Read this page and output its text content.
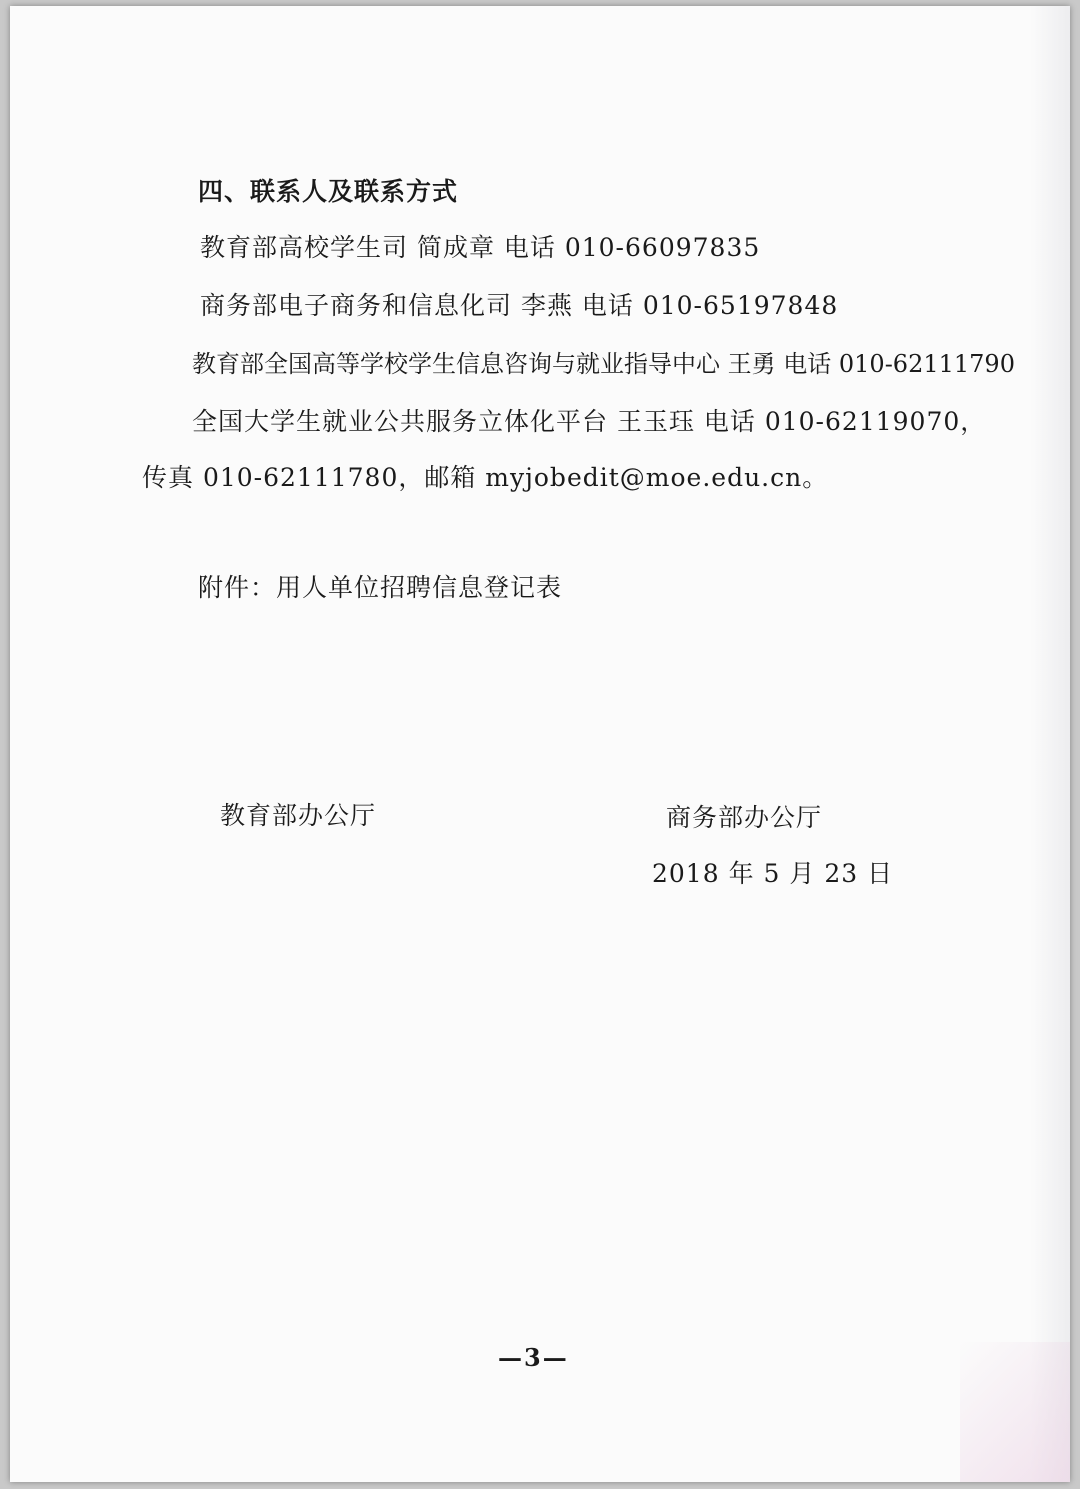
四、联系人及联系方式
教育部高校学生司 简成章 电话 010-66097835
商务部电子商务和信息化司 李燕 电话 010-65197848
教育部全国高等学校学生信息咨询与就业指导中心 王勇 电话 010-62111790
全国大学生就业公共服务立体化平台 王玉珏 电话 010-62119070，
传真 010-62111780，邮箱 myjobedit@moe.edu.cn。
附件：用人单位招聘信息登记表
教育部办公厅	商务部办公厅
2018 年 5 月 23 日
—3—
